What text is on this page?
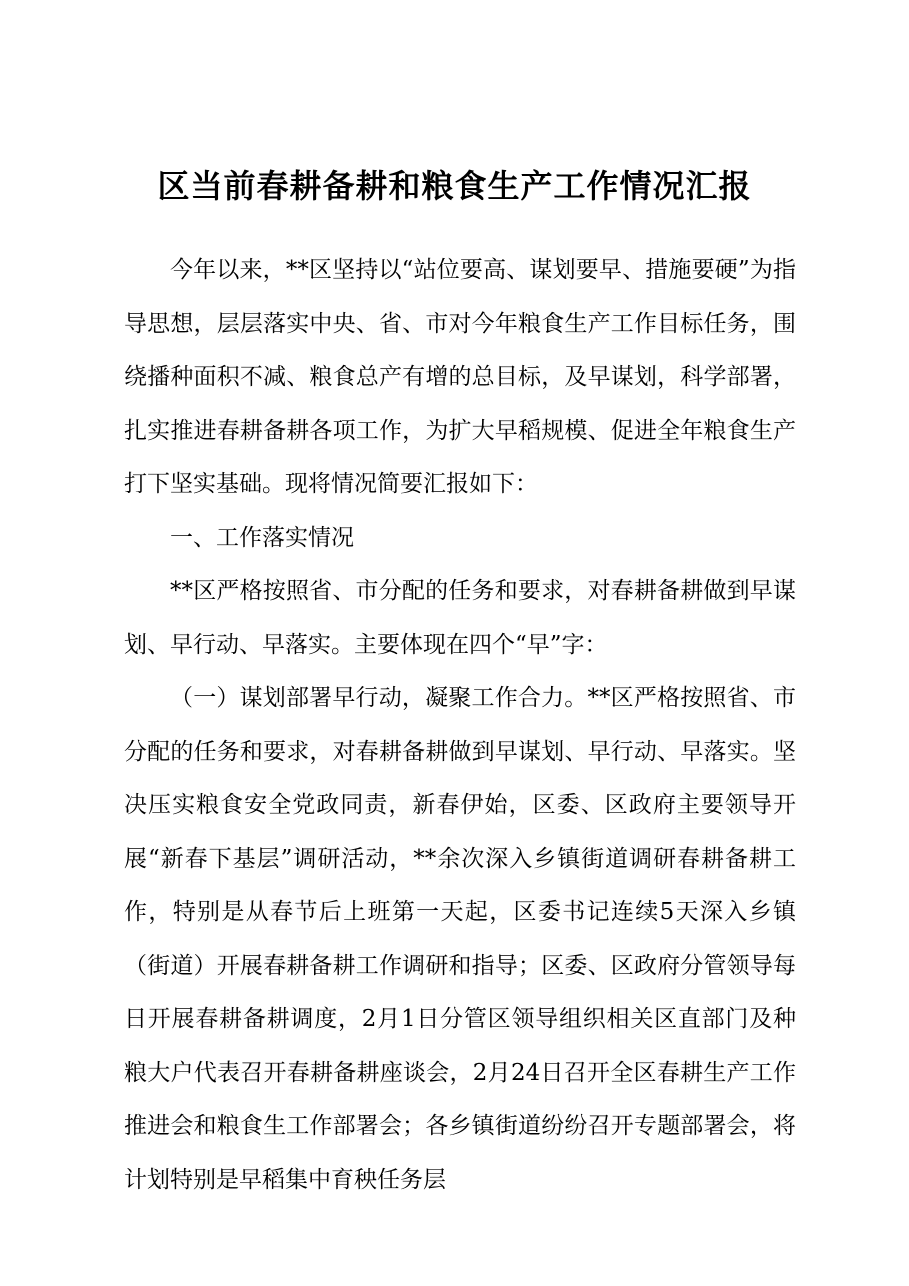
区当前春耕备耕和粮食生产工作情况汇报

今年以来，**区坚持以“站位要高、谋划要早、措施要硬”为指导思想，层层落实中央、省、市对今年粮食生产工作目标任务，围绕播种面积不减、粮食总产有增的总目标，及早谋划，科学部署，扎实推进春耕备耕各项工作，为扩大早稻规模、促进全年粮食生产打下坚实基础。现将情况简要汇报如下：

一、工作落实情况

**区严格按照省、市分配的任务和要求，对春耕备耕做到早谋划、早行动、早落实。主要体现在四个“早”字：

（一）谋划部署早行动，凝聚工作合力。**区严格按照省、市分配的任务和要求，对春耕备耕做到早谋划、早行动、早落实。坚决压实粮食安全党政同责，新春伊始，区委、区政府主要领导开展“新春下基层”调研活动，**余次深入乡镇街道调研春耕备耕工作，特别是从春节后上班第一天起，区委书记连续5天深入乡镇（街道）开展春耕备耕工作调研和指导；区委、区政府分管领导每日开展春耕备耕调度，2月1日分管区领导组织相关区直部门及种粮大户代表召开春耕备耕座谈会，2月24日召开全区春耕生产工作推进会和粮食生工作部署会；各乡镇街道纷纷召开专题部署会，将计划特别是早稻集中育秧任务层
